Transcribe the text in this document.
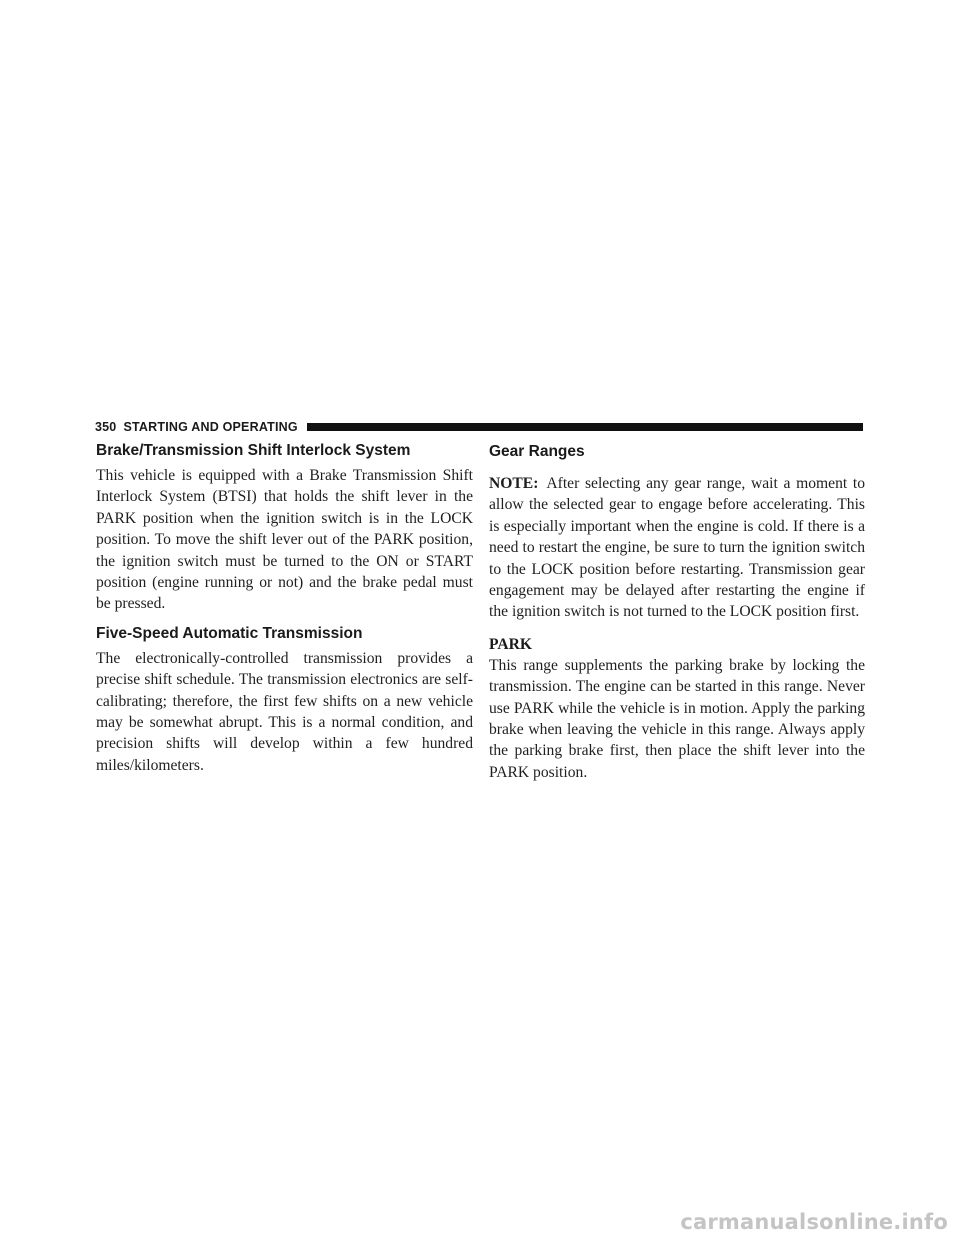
350 STARTING AND OPERATING
Brake/Transmission Shift Interlock System

This vehicle is equipped with a Brake Transmission Shift Interlock System (BTSI) that holds the shift lever in the PARK position when the ignition switch is in the LOCK position. To move the shift lever out of the PARK position, the ignition switch must be turned to the ON or START position (engine running or not) and the brake pedal must be pressed.

Five-Speed Automatic Transmission

The electronically-controlled transmission provides a precise shift schedule. The transmission electronics are self-calibrating; therefore, the first few shifts on a new vehicle may be somewhat abrupt. This is a normal condition, and precision shifts will develop within a few hundred miles/kilometers.

Gear Ranges

NOTE: After selecting any gear range, wait a moment to allow the selected gear to engage before accelerating. This is especially important when the engine is cold. If there is a need to restart the engine, be sure to turn the ignition switch to the LOCK position before restarting. Transmission gear engagement may be delayed after restarting the engine if the ignition switch is not turned to the LOCK position first.

PARK

This range supplements the parking brake by locking the transmission. The engine can be started in this range. Never use PARK while the vehicle is in motion. Apply the parking brake when leaving the vehicle in this range. Always apply the parking brake first, then place the shift lever into the PARK position.

carmanualsonline.info
